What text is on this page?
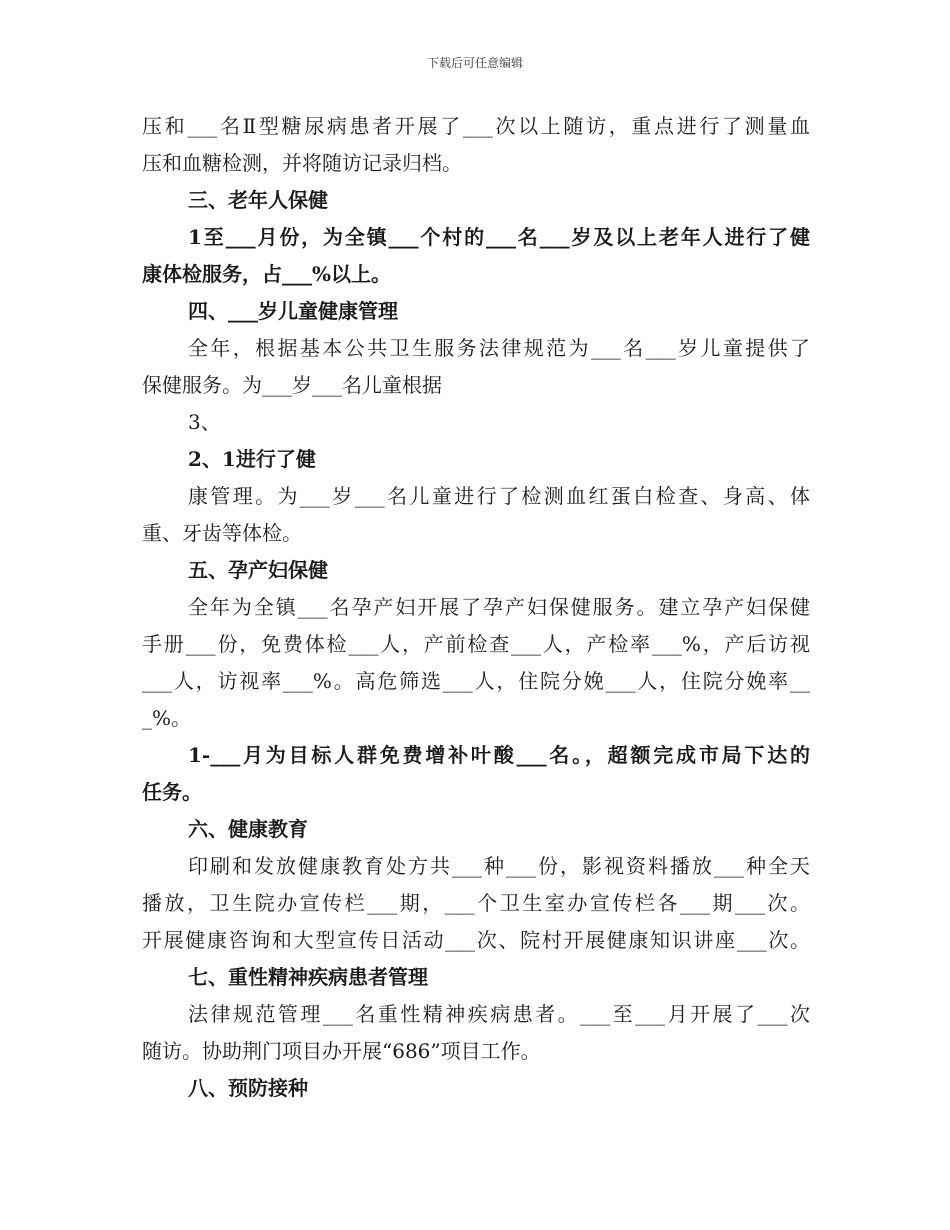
下载后可任意编辑
压和___名Ⅱ型糖尿病患者开展了___次以上随访，重点进行了测量血
压和血糖检测，并将随访记录归档。
三、老年人保健
1至___月份，为全镇___个村的___名___岁及以上老年人进行了健
康体检服务，占___%以上。
四、___岁儿童健康管理
全年，根据基本公共卫生服务法律规范为___名___岁儿童提供了
保健服务。为___岁___名儿童根据
3、
2、1进行了健
康管理。为___岁___名儿童进行了检测血红蛋白检查、身高、体
重、牙齿等体检。
五、孕产妇保健
全年为全镇___名孕产妇开展了孕产妇保健服务。建立孕产妇保健
手册___份，免费体检___人，产前检查___人，产检率___%，产后访视
___人，访视率___%。高危筛选___人，住院分娩___人，住院分娩率__
_%。
1-___月为目标人群免费增补叶酸___名。，超额完成市局下达的
任务。
六、健康教育
印刷和发放健康教育处方共___种___份，影视资料播放___种全天
播放，卫生院办宣传栏___期，___个卫生室办宣传栏各___期___次。
开展健康咨询和大型宣传日活动___次、院村开展健康知识讲座___次。
七、重性精神疾病患者管理
法律规范管理___名重性精神疾病患者。___至___月开展了___次
随访。协助荆门项目办开展“686”项目工作。
八、预防接种
